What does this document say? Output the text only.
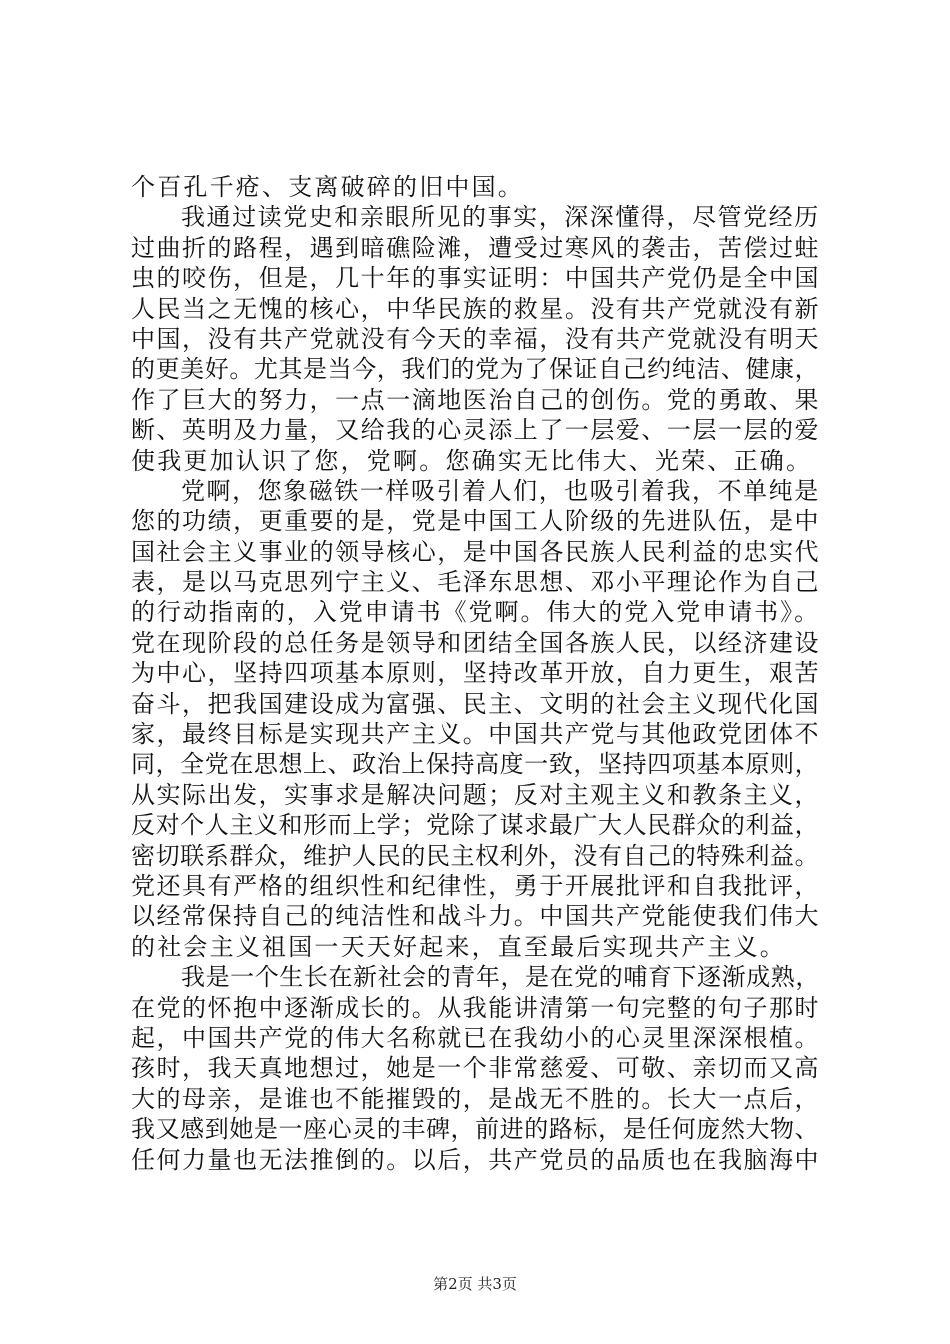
个百孔千疮、支离破碎的旧中国。
我通过读党史和亲眼所见的事实，深深懂得，尽管党经历
过曲折的路程，遇到暗礁险滩，遭受过寒风的袭击，苦偿过蛀
虫的咬伤，但是，几十年的事实证明：中国共产党仍是全中国
人民当之无愧的核心，中华民族的救星。没有共产党就没有新
中国，没有共产党就没有今天的幸福，没有共产党就没有明天
的更美好。尤其是当今，我们的党为了保证自己约纯洁、健康，
作了巨大的努力，一点一滴地医治自己的创伤。党的勇敢、果
断、英明及力量，又给我的心灵添上了一层爱、一层一层的爱
使我更加认识了您，党啊。您确实无比伟大、光荣、正确。
党啊，您象磁铁一样吸引着人们，也吸引着我，不单纯是
您的功绩，更重要的是，党是中国工人阶级的先进队伍，是中
国社会主义事业的领导核心，是中国各民族人民利益的忠实代
表，是以马克思列宁主义、毛泽东思想、邓小平理论作为自己
的行动指南的，入党申请书《党啊。伟大的党入党申请书》。
党在现阶段的总任务是领导和团结全国各族人民，以经济建设
为中心，坚持四项基本原则，坚持改革开放，自力更生，艰苦
奋斗，把我国建设成为富强、民主、文明的社会主义现代化国
家，最终目标是实现共产主义。中国共产党与其他政党团体不
同，全党在思想上、政治上保持高度一致，坚持四项基本原则，
从实际出发，实事求是解决问题；反对主观主义和教条主义，
反对个人主义和形而上学；党除了谋求最广大人民群众的利益，
密切联系群众，维护人民的民主权利外，没有自己的特殊利益。
党还具有严格的组织性和纪律性，勇于开展批评和自我批评，
以经常保持自己的纯洁性和战斗力。中国共产党能使我们伟大
的社会主义祖国一天天好起来，直至最后实现共产主义。
我是一个生长在新社会的青年，是在党的哺育下逐渐成熟，
在党的怀抱中逐渐成长的。从我能讲清第一句完整的句子那时
起，中国共产党的伟大名称就已在我幼小的心灵里深深根植。
孩时，我天真地想过，她是一个非常慈爱、可敬、亲切而又高
大的母亲，是谁也不能摧毁的，是战无不胜的。长大一点后，
我又感到她是一座心灵的丰碑，前进的路标，是任何庞然大物、
任何力量也无法推倒的。以后，共产党员的品质也在我脑海中
第2页 共3页
